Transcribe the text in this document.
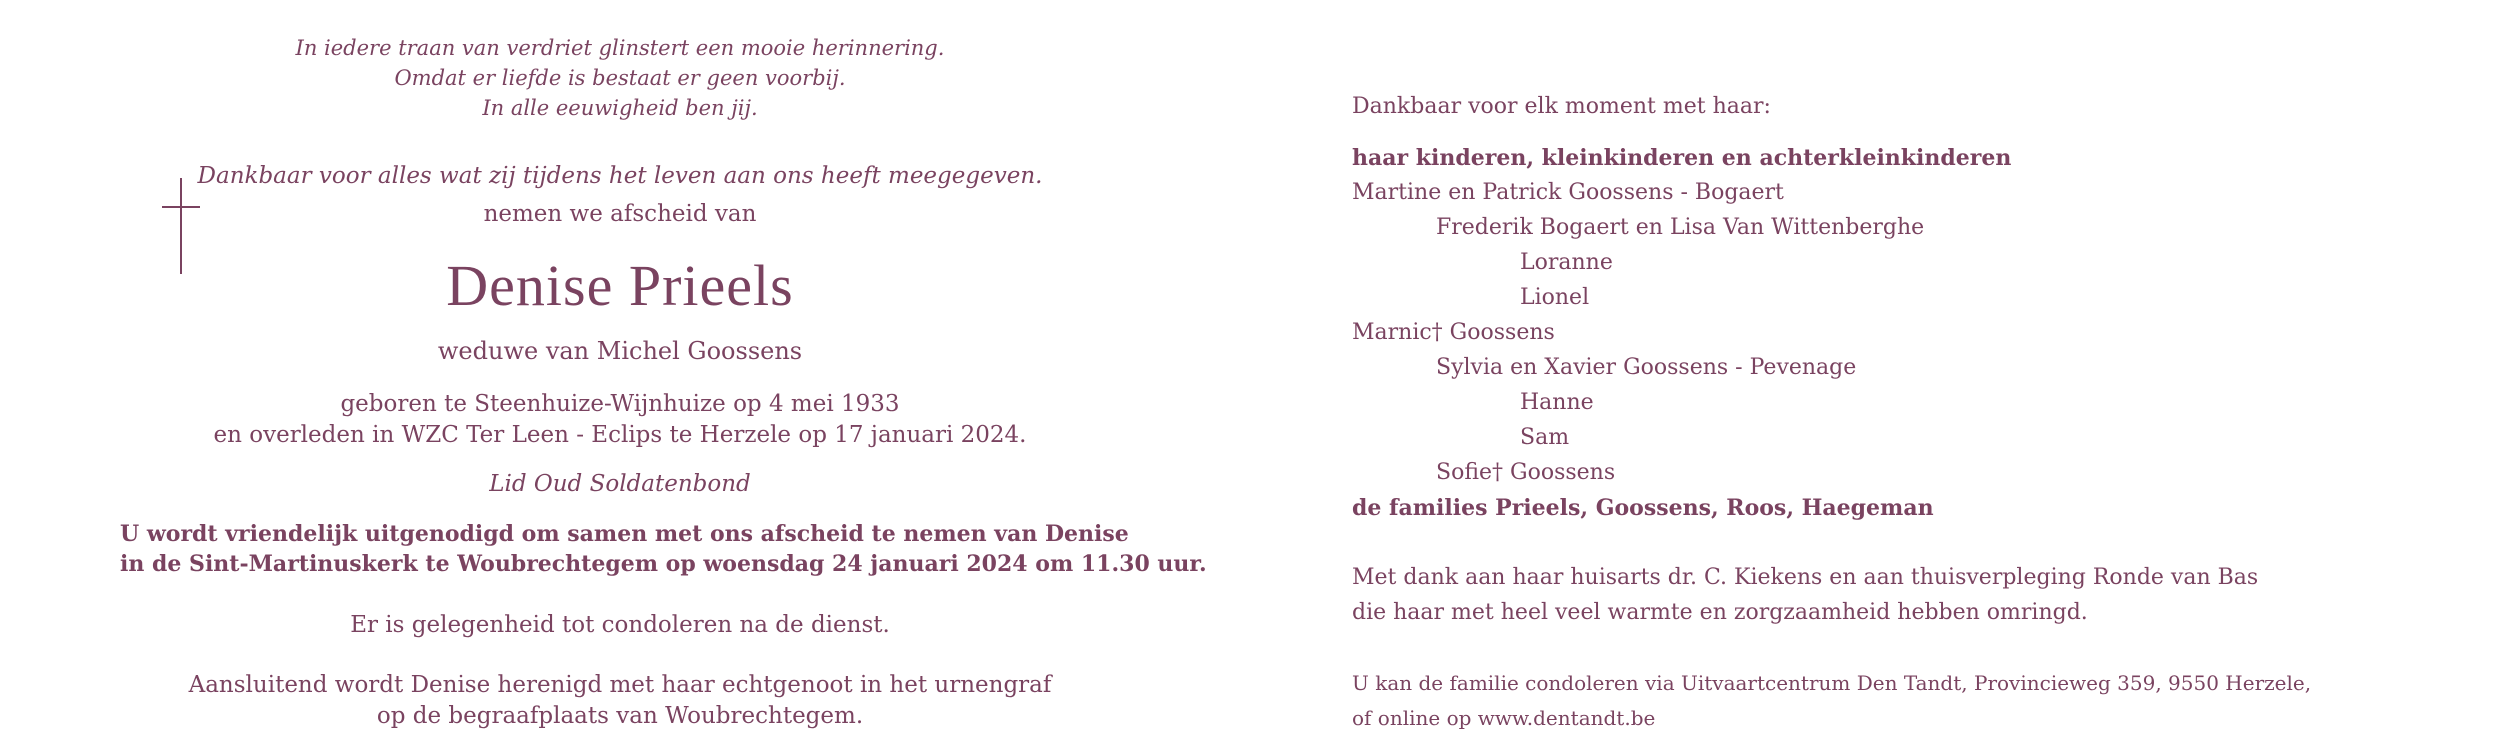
In iedere traan van verdriet glinstert een mooie herinnering.
Omdat er liefde is bestaat er geen voorbij.
In alle eeuwigheid ben jij.
Dankbaar voor alles wat zij tijdens het leven aan ons heeft meegegeven.
nemen we afscheid van
Denise Prieels
weduwe van Michel Goossens
geboren te Steenhuize-Wijnhuize op 4 mei 1933
en overleden in WZC Ter Leen - Eclips te Herzele op 17 januari 2024.
Lid Oud Soldatenbond
U wordt vriendelijk uitgenodigd om samen met ons afscheid te nemen van Denise
in de Sint-Martinuskerk te Woubrechtegem op woensdag 24 januari 2024 om 11.30 uur.
Er is gelegenheid tot condoleren na de dienst.
Aansluitend wordt Denise herenigd met haar echtgenoot in het urnengraf
op de begraafplaats van Woubrechtegem.
Dankbaar voor elk moment met haar:
haar kinderen, kleinkinderen en achterkleinkinderen
Martine en Patrick Goossens - Bogaert
Frederik Bogaert en Lisa Van Wittenberghe
Loranne
Lionel
Marnic† Goossens
Sylvia en Xavier Goossens - Pevenage
Hanne
Sam
Sofie† Goossens
de families Prieels, Goossens, Roos, Haegeman
Met dank aan haar huisarts dr. C. Kiekens en aan thuisverpleging Ronde van Bas
die haar met heel veel warmte en zorgzaamheid hebben omringd.
U kan de familie condoleren via Uitvaartcentrum Den Tandt, Provincieweg 359, 9550 Herzele,
of online op www.dentandt.be
